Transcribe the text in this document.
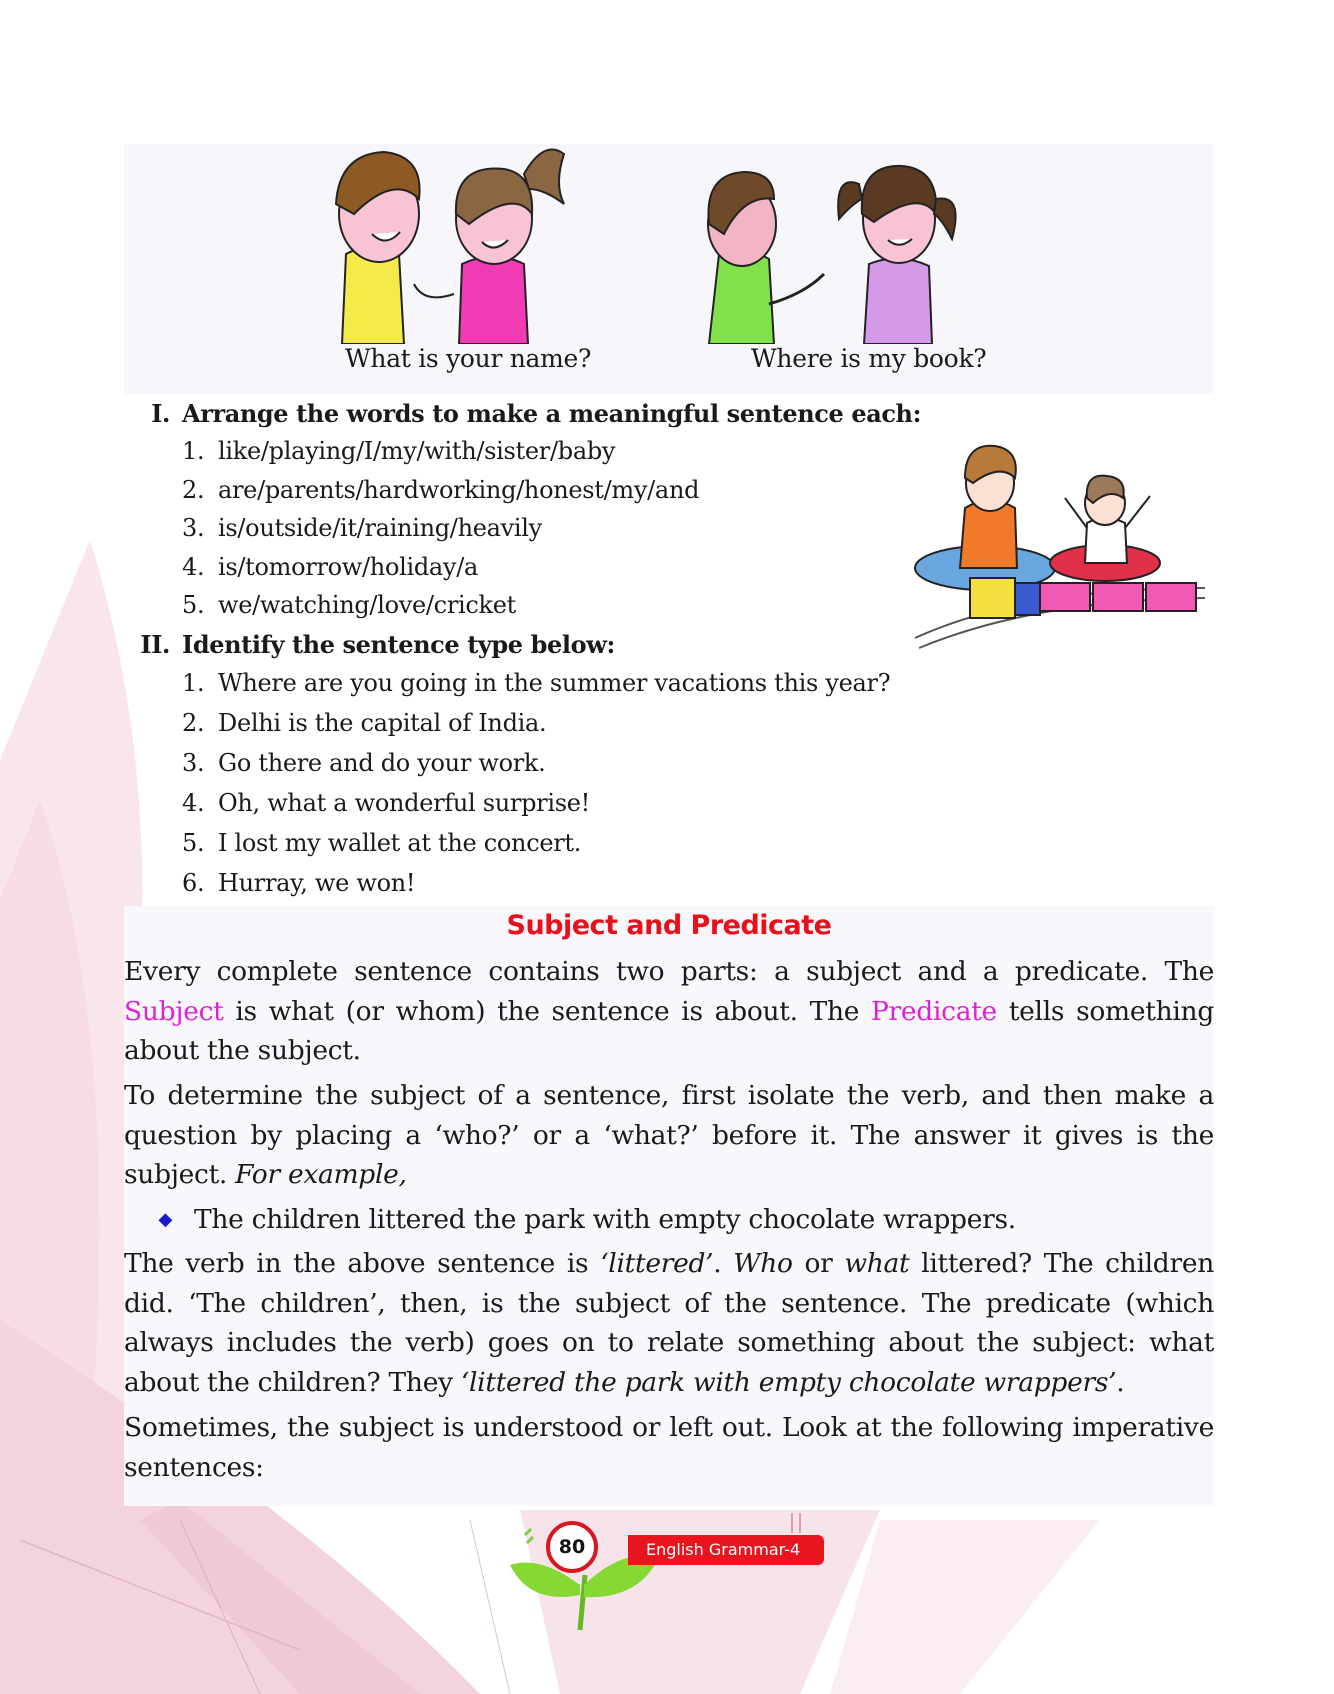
What is your name?	Where is my book?
I. Arrange the words to make a meaningful sentence each:
1. like/playing/I/my/with/sister/baby
2. are/parents/hardworking/honest/my/and
3. is/outside/it/raining/heavily
4. is/tomorrow/holiday/a
5. we/watching/love/cricket
II. Identify the sentence type below:
1. Where are you going in the summer vacations this year?
2. Delhi is the capital of India.
3. Go there and do your work.
4. Oh, what a wonderful surprise!
5. I lost my wallet at the concert.
6. Hurray, we won!
Subject and Predicate
Every complete sentence contains two parts: a subject and a predicate. The Subject is what (or whom) the sentence is about. The Predicate tells something about the subject.
To determine the subject of a sentence, first isolate the verb, and then make a question by placing a ‘who?’ or a ‘what?’ before it. The answer it gives is the subject. For example,
◆ The children littered the park with empty chocolate wrappers.
The verb in the above sentence is ‘littered’. Who or what littered? The children did. ‘The children’, then, is the subject of the sentence. The predicate (which always includes the verb) goes on to relate something about the subject: what about the children? They ‘littered the park with empty chocolate wrappers’.
Sometimes, the subject is understood or left out. Look at the following imperative sentences:
English Grammar-4
80
